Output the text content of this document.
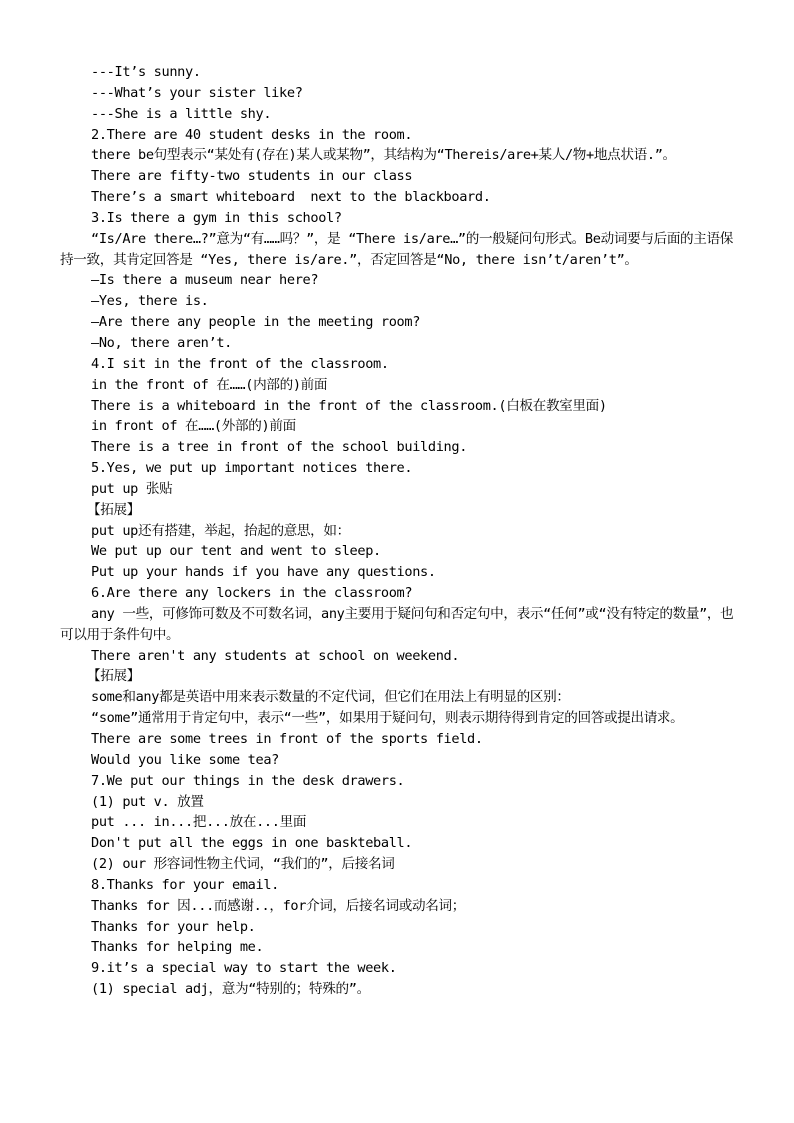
---It’s sunny.
---What’s your sister like?
---She is a little shy.
2.There are 40 student desks in the room.
there be句型表示“某处有(存在)某人或某物”，其结构为“Thereis/are+某人/物+地点状语.”。
There are fifty-two students in our class
There’s a smart whiteboard  next to the blackboard.
3.Is there a gym in this school?
“Is/Are there…?”意为“有……吗？”，是 “There is/are…”的一般疑问句形式。Be动词要与后面的主语保持一致，其肯定回答是 “Yes, there is/are.”，否定回答是“No, there isn’t/aren’t”。
—Is there a museum near here?
—Yes, there is.
—Are there any people in the meeting room?
—No, there aren’t.
4.I sit in the front of the classroom.
in the front of 在……(内部的)前面
There is a whiteboard in the front of the classroom.(白板在教室里面)
in front of 在……(外部的)前面
There is a tree in front of the school building.
5.Yes, we put up important notices there.
put up 张贴
【拓展】
put up还有搭建，举起，抬起的意思，如：
We put up our tent and went to sleep.
Put up your hands if you have any questions.
6.Are there any lockers in the classroom?
any 一些，可修饰可数及不可数名词，any主要用于疑问句和否定句中，表示“任何”或“没有特定的数量”，也可以用于条件句中。
There aren't any students at school on weekend.
【拓展】
some和any都是英语中用来表示数量的不定代词，但它们在用法上有明显的区别：
“some”通常用于肯定句中，表示“一些”，如果用于疑问句，则表示期待得到肯定的回答或提出请求。
There are some trees in front of the sports field.
Would you like some tea?
7.We put our things in the desk drawers.
(1) put v. 放置
put ... in...把...放在...里面
Don't put all the eggs in one baskteball.
(2) our 形容词性物主代词，“我们的”，后接名词
8.Thanks for your email.
Thanks for 因...而感谢..，for介词，后接名词或动名词；
Thanks for your help.
Thanks for helping me.
9.it’s a special way to start the week.
(1) special adj，意为“特别的；特殊的”。
